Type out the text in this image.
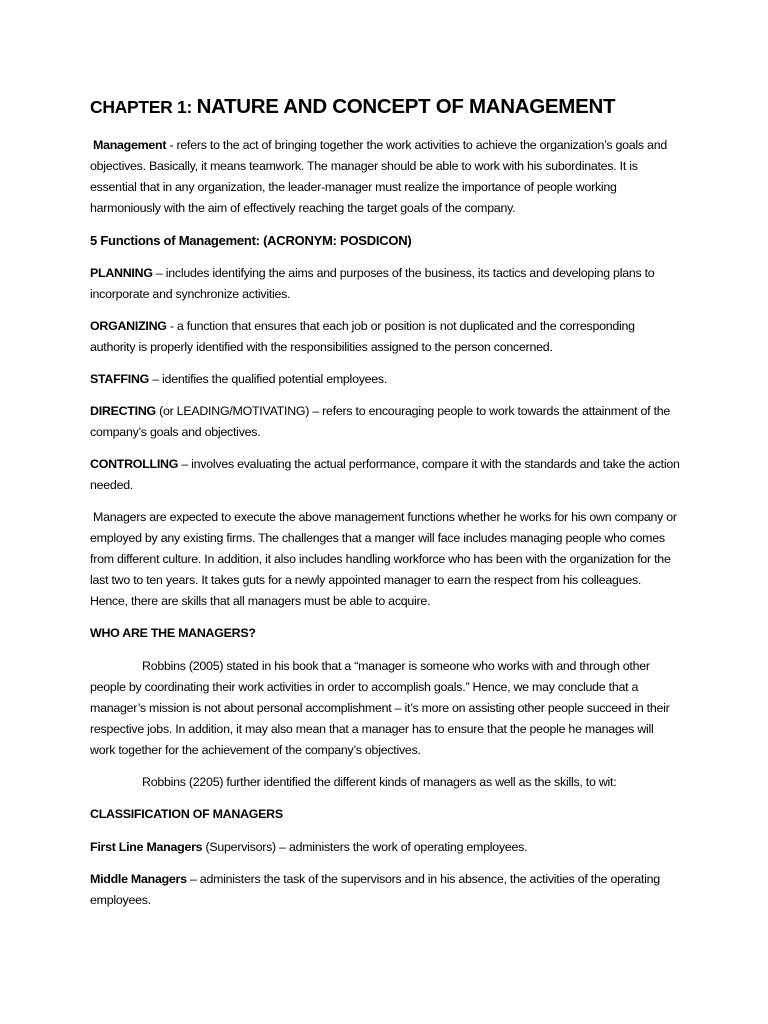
CHAPTER 1: NATURE AND CONCEPT OF MANAGEMENT

Management - refers to the act of bringing together the work activities to achieve the organization’s goals and objectives. Basically, it means teamwork. The manager should be able to work with his subordinates. It is essential that in any organization, the leader-manager must realize the importance of people working harmoniously with the aim of effectively reaching the target goals of the company.

5 Functions of Management: (ACRONYM: POSDICON)

PLANNING – includes identifying the aims and purposes of the business, its tactics and developing plans to incorporate and synchronize activities.

ORGANIZING - a function that ensures that each job or position is not duplicated and the corresponding authority is properly identified with the responsibilities assigned to the person concerned.

STAFFING – identifies the qualified potential employees.

DIRECTING (or LEADING/MOTIVATING) – refers to encouraging people to work towards the attainment of the company’s goals and objectives.

CONTROLLING – involves evaluating the actual performance, compare it with the standards and take the action needed.

Managers are expected to execute the above management functions whether he works for his own company or employed by any existing firms. The challenges that a manger will face includes managing people who comes from different culture. In addition, it also includes handling workforce who has been with the organization for the last two to ten years. It takes guts for a newly appointed manager to earn the respect from his colleagues. Hence, there are skills that all managers must be able to acquire.

WHO ARE THE MANAGERS?

Robbins (2005) stated in his book that a “manager is someone who works with and through other people by coordinating their work activities in order to accomplish goals.” Hence, we may conclude that a manager’s mission is not about personal accomplishment – it’s more on assisting other people succeed in their respective jobs. In addition, it may also mean that a manager has to ensure that the people he manages will work together for the achievement of the company’s objectives.

Robbins (2205) further identified the different kinds of managers as well as the skills, to wit:

CLASSIFICATION OF MANAGERS

First Line Managers (Supervisors) – administers the work of operating employees.

Middle Managers – administers the task of the supervisors and in his absence, the activities of the operating employees.
